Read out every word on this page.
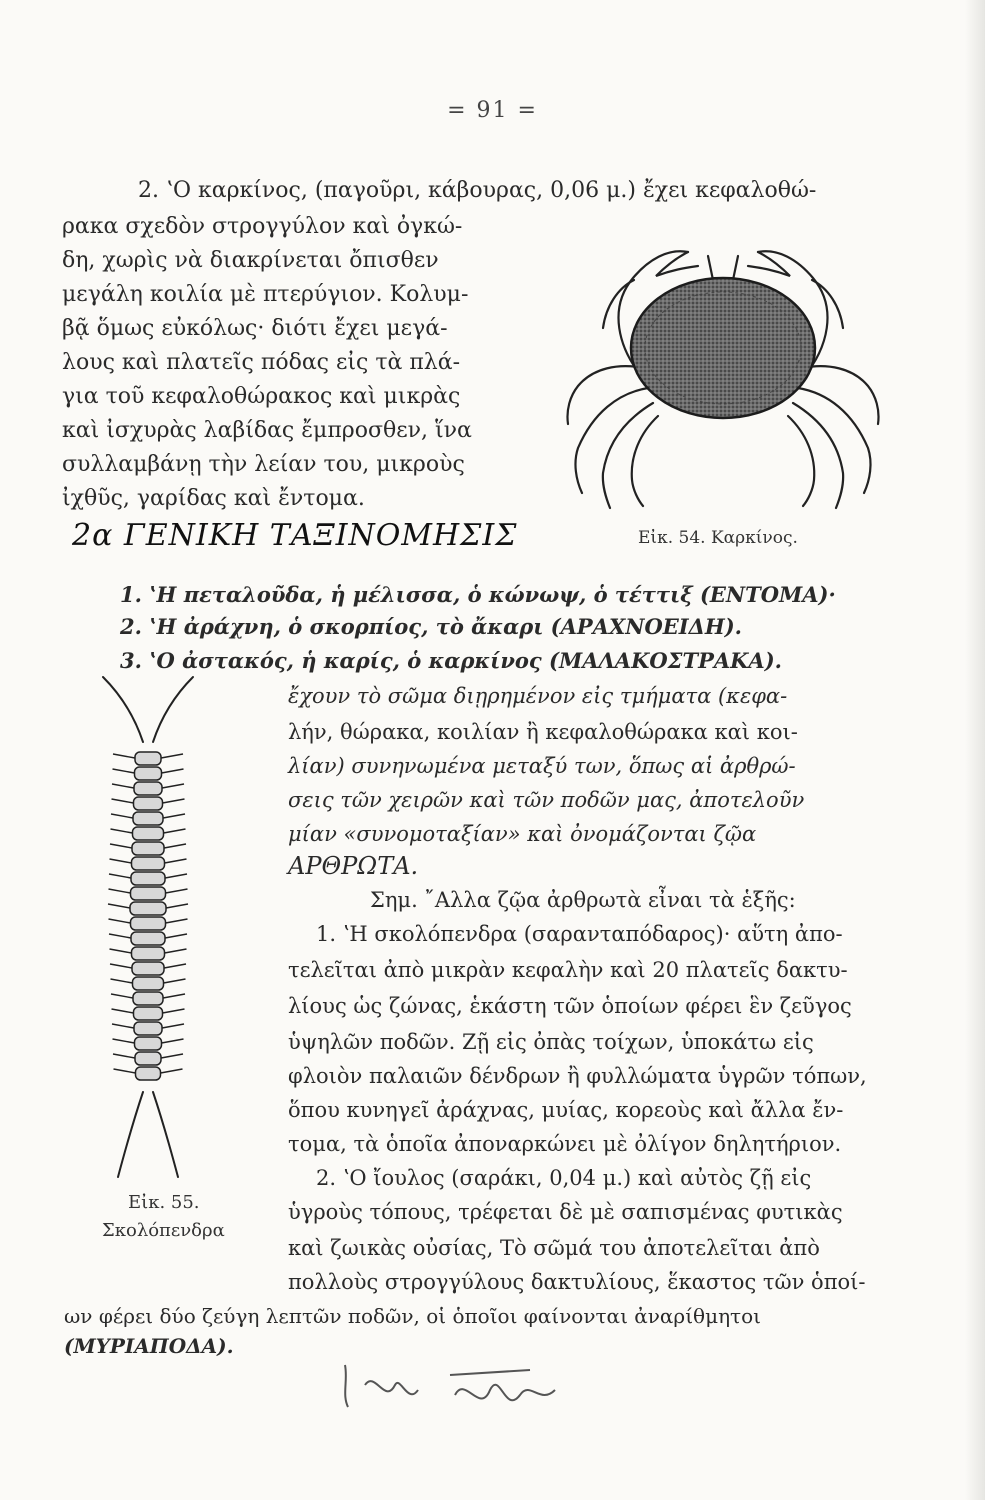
= 91 =
2. ʽΟ καρκίνος, (παγοῦρι, κάβουρας, 0,06 μ.) ἔχει κεφαλοθώ-
ρακα σχεδὸν στρογγύλον καὶ ὀγκώ-
δη, χωρὶς νὰ διακρίνεται ὄπισθεν
μεγάλη κοιλία μὲ πτερύγιον. Κολυμ-
βᾷ ὅμως εὐκόλως· διότι ἔχει μεγά-
λους καὶ πλατεῖς πόδας εἰς τὰ πλά-
για τοῦ κεφαλοθώρακος καὶ μικρὰς
καὶ ἰσχυρὰς λαβίδας ἔμπροσθεν, ἵνα
συλλαμβάνῃ τὴν λείαν του, μικροὺς
ἰχθῦς, γαρίδας καὶ ἔντομα.
Εἰκ. 54. Καρκίνος.
2α ΓΕΝΙΚΗ ΤΑΞΙΝΟΜΗΣΙΣ
1. ʽΗ πεταλοῦδα, ἡ μέλισσα, ὁ κώνωψ, ὁ τέττιξ (ΕΝΤΟΜΑ)·
2. ʽΗ ἀράχνη, ὁ σκορπίος, τὸ ἄκαρι (ΑΡΑΧΝΟΕΙΔΗ).
3. ʽΟ ἀστακός, ἡ καρίς, ὁ καρκίνος (ΜΑΛΑΚΟΣΤΡΑΚΑ).
ἔχουν τὸ σῶμα διῃρημένον εἰς τμήματα (κεφα-
λήν, θώρακα, κοιλίαν ἢ κεφαλοθώρακα καὶ κοι-
λίαν) συνηνωμένα μεταξύ των, ὅπως αἱ ἀρθρώ-
σεις τῶν χειρῶν καὶ τῶν ποδῶν μας, ἀποτελοῦν
μίαν «συνομοταξίαν» καὶ ὀνομάζονται ζῷα
ΑΡΘΡΩΤΑ.
Σημ. ῎Αλλα ζῷα ἀρθρωτὰ εἶναι τὰ ἑξῆς:
1. ʽΗ σκολόπενδρα (σαρανταπόδαρος)· αὕτη ἀπο-
τελεῖται ἀπὸ μικρὰν κεφαλὴν καὶ 20 πλατεῖς δακτυ-
λίους ὡς ζώνας, ἑκάστη τῶν ὁποίων φέρει ἓν ζεῦγος
ὑψηλῶν ποδῶν. Ζῇ εἰς ὀπὰς τοίχων, ὑποκάτω εἰς
φλοιὸν παλαιῶν δένδρων ἢ φυλλώματα ὑγρῶν τόπων,
ὅπου κυνηγεῖ ἀράχνας, μυίας, κορεοὺς καὶ ἄλλα ἔν-
τομα, τὰ ὁποῖα ἀποναρκώνει μὲ ὀλίγον δηλητήριον.
2. ʽΟ ἴουλος (σαράκι, 0,04 μ.) καὶ αὐτὸς ζῇ εἰς
ὑγροὺς τόπους, τρέφεται δὲ μὲ σαπισμένας φυτικὰς
καὶ ζωικὰς οὐσίας, Τὸ σῶμά του ἀποτελεῖται ἀπὸ
πολλοὺς στρογγύλους δακτυλίους, ἕκαστος τῶν ὁποί-
ων φέρει δύο ζεύγη λεπτῶν ποδῶν, οἱ ὁποῖοι φαίνονται ἀναρίθμητοι
(ΜΥΡΙΑΠΟΔΑ).
Εἰκ. 55.
Σκολόπενδρα
εἰς ἴδω
